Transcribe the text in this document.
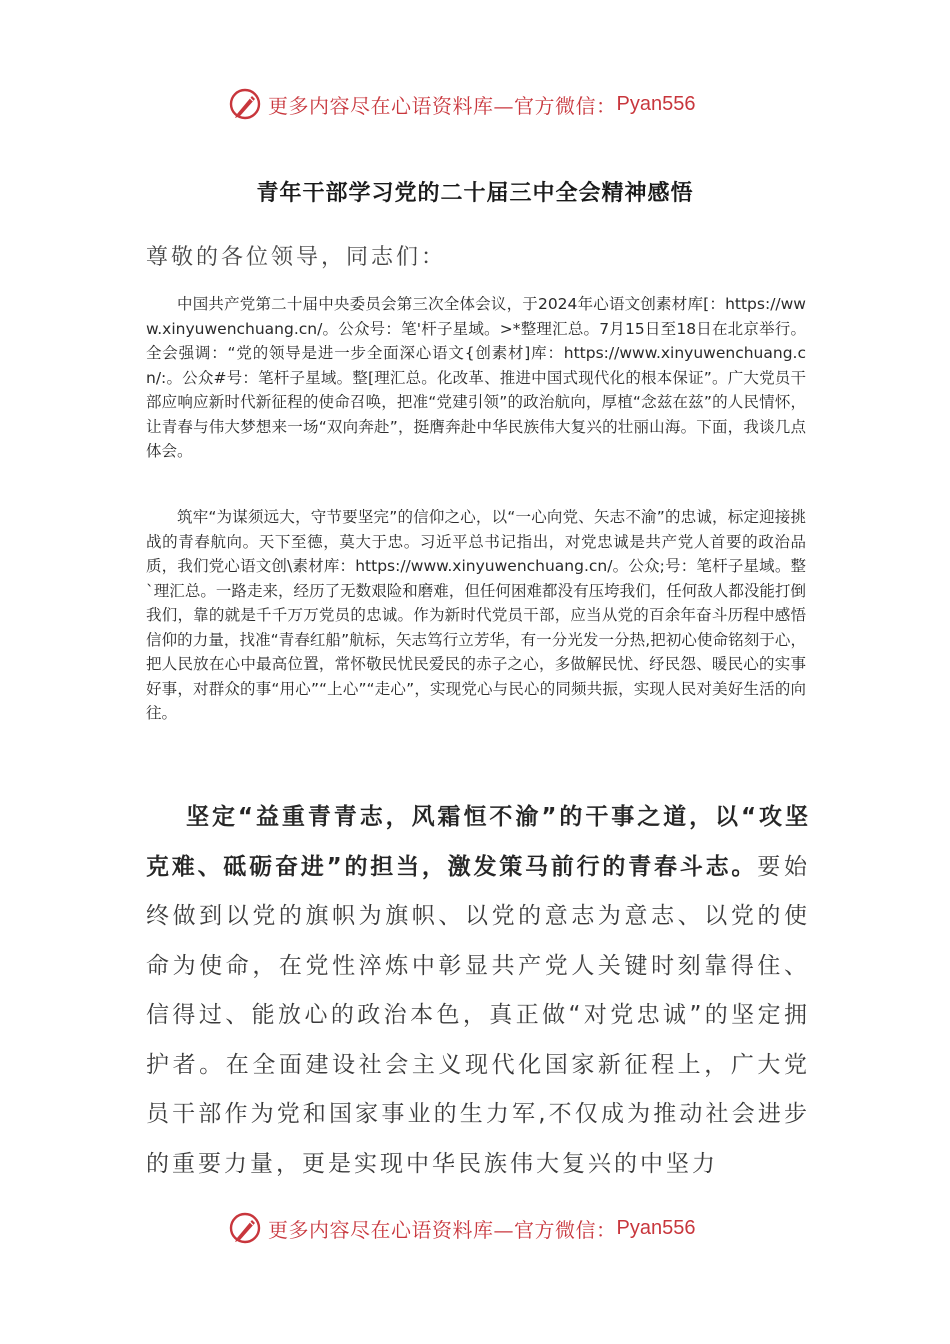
更多内容尽在心语资料库—官方微信： Pyan556
青年干部学习党的二十届三中全会精神感悟
尊敬的各位领导，同志们：

中国共产党第二十届中央委员会第三次全体会议，于2024年心语文创素材库[：https://www.xinyuwenchuang.cn/。公众号：笔'杆子星域。>*整理汇总。7月15日至18日在北京举行。全会强调：“党的领导是进一步全面深心语文{创素材]库：https://www.xinyuwenchuang.cn/:。公众#号：笔杆子星域。整[理汇总。化改革、推进中国式现代化的根本保证”。广大党员干部应响应新时代新征程的使命召唤，把准“党建引领”的政治航向，厚植“念兹在兹”的人民情怀，让青春与伟大梦想来一场“双向奔赴”，挺膺奔赴中华民族伟大复兴的壮丽山海。下面，我谈几点体会。

筑牢“为谋须远大，守节要坚完”的信仰之心，以“一心向党、矢志不渝”的忠诚，标定迎接挑战的青春航向。天下至德，莫大于忠。习近平总书记指出，对党忠诚是共产党人首要的政治品质，我们党心语文创\素材库：https://www.xinyuwenchuang.cn/。公众;号：笔杆子星域。整`理汇总。一路走来，经历了无数艰险和磨难，但任何困难都没有压垮我们，任何敌人都没能打倒我们，靠的就是千千万万党员的忠诚。作为新时代党员干部，应当从党的百余年奋斗历程中感悟信仰的力量，找准“青春红船”航标，矢志笃行立芳华，有一分光发一分热,把初心使命铭刻于心，把人民放在心中最高位置，常怀敬民忧民爱民的赤子之心，多做解民忧、纾民怨、暖民心的实事好事，对群众的事“用心”“上心”“走心”，实现党心与民心的同频共振，实现人民对美好生活的向往。

坚定“益重青青志，风霜恒不渝”的干事之道，以“攻坚克难、砥砺奋进”的担当，激发策马前行的青春斗志。要始终做到以党的旗帜为旗帜、以党的意志为意志、以党的使命为使命，在党性淬炼中彰显共产党人关键时刻靠得住、信得过、能放心的政治本色，真正做“对党忠诚”的坚定拥护者。在全面建设社会主义现代化国家新征程上，广大党员干部作为党和国家事业的生力军,不仅成为推动社会进步的重要力量，更是实现中华民族伟大复兴的中坚力

更多内容尽在心语资料库—官方微信： Pyan556
